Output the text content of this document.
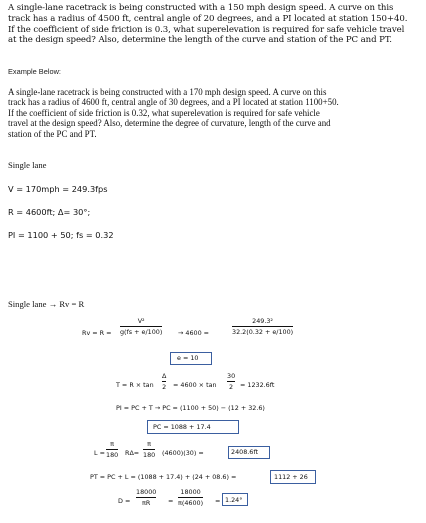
A single-lane racetrack is being constructed with a 150 mph design speed. A curve on this
track has a radius of 4500 ft, central angle of 20 degrees, and a PI located at station 150+40.
If the coefficient of side friction is 0.3, what superelevation is required for safe vehicle travel
at the design speed? Also, determine the length of the curve and station of the PC and PT.
Example Below:
A single-lane racetrack is being constructed with a 170 mph design speed. A curve on this
track has a radius of 4600 ft, central angle of 30 degrees, and a PI located at station 1100+50.
If the coefficient of side friction is 0.32, what superelevation is required for safe vehicle
travel at the design speed? Also, determine the degree of curvature, length of the curve and
station of the PC and PT.
Single lane
V = 170mph = 249.3fps
R = 4600ft; Δ= 30°;
PI = 1100 + 50; fs = 0.32
Single lane → Rv = R
Rv = R =
V²
g(fs + e/100) → 4600 =
249.3²
32.2(0.32 + e/100)
e = 10
T = R × tan
Δ
2 = 4600 × tan
30
2 = 1232.6ft
PI = PC + T → PC = (1100 + 50) − (12 + 32.6)
PC = 1088 + 17.4
L =
π
180 RΔ=
π
180 (4600)(30) =	2408.6ft
PT = PC + L = (1088 + 17.4) + (24 + 08.6) =	1112 + 26
D =
18000
πR	=
18000
π(4600) = 1.24°
